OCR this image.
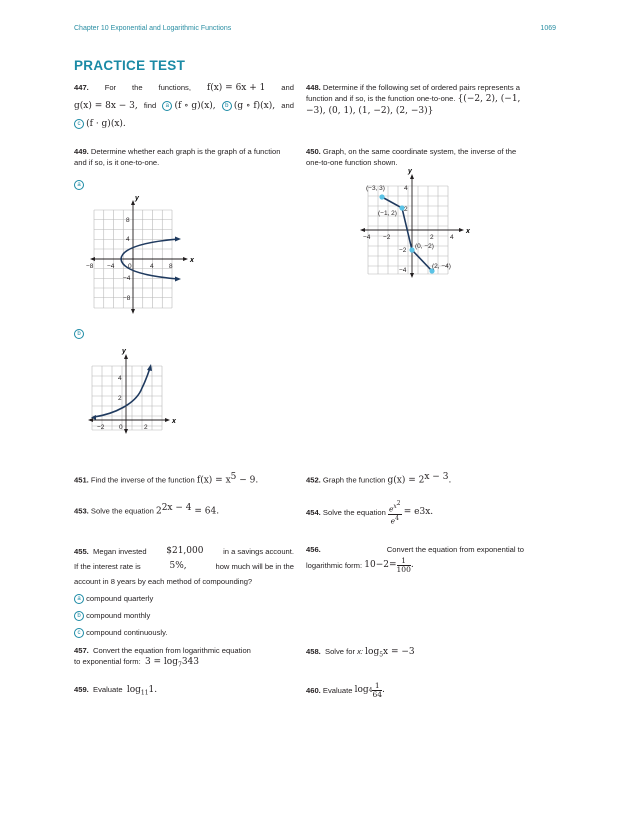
Chapter 10 Exponential and Logarithmic Functions	1069
PRACTICE TEST
447. For the functions, f(x) = 6x + 1 and
g(x) = 8x − 3, find	a (f ∘ g)(x),	b (g ∘ f)(x), and
c (f · g)(x).
448. Determine if the following set of ordered pairs represents a function and if so, is the function one-to-one. {(−2, 2), (−1, −3), (0, 1), (1, −2), (2, −3)}
449. Determine whether each graph is the graph of a function and if so, is it one-to-one.
a
y
x
−8 −4 0	4 8
8
4
−4
−8
b
y
x
−2 0	2
4
2
450. Graph, on the same coordinate system, the inverse of the one-to-one function shown.
y
x
−4 −2	2	4
4
2
−2
−4
(−3, 3)
(−1, 2)
(0, −2)
(2, −4)
451. Find the inverse of the function $f(x) = x^5 - 9$.	452. Graph the function $g(x) = 2^{x - 3}$.
453. Solve the equation $2^{2x - 4} = 64$.	454.
Solve the equation
$\frac{e^{x^2}}{e^4}$
= e 3x .
455. Megan invested $21,000	in a savings account.
If the interest rate is	5%,	how much will be in the
account in 8 years by each method of compounding?
a compound quarterly
b compound monthly
c compound continuously.
456.	Convert the equation from exponential to
logarithmic form:
$10 -2 = \frac{1}{100}$ .
457. Convert the equation from logarithmic equation
to exponential form: $3 = \log_7343$
458. Solve for x: $\log_5x = -3$
459. Evaluate $\log_{11}1$.	460.
Evaluate
$\log 4 \frac{1}{64}$ .
